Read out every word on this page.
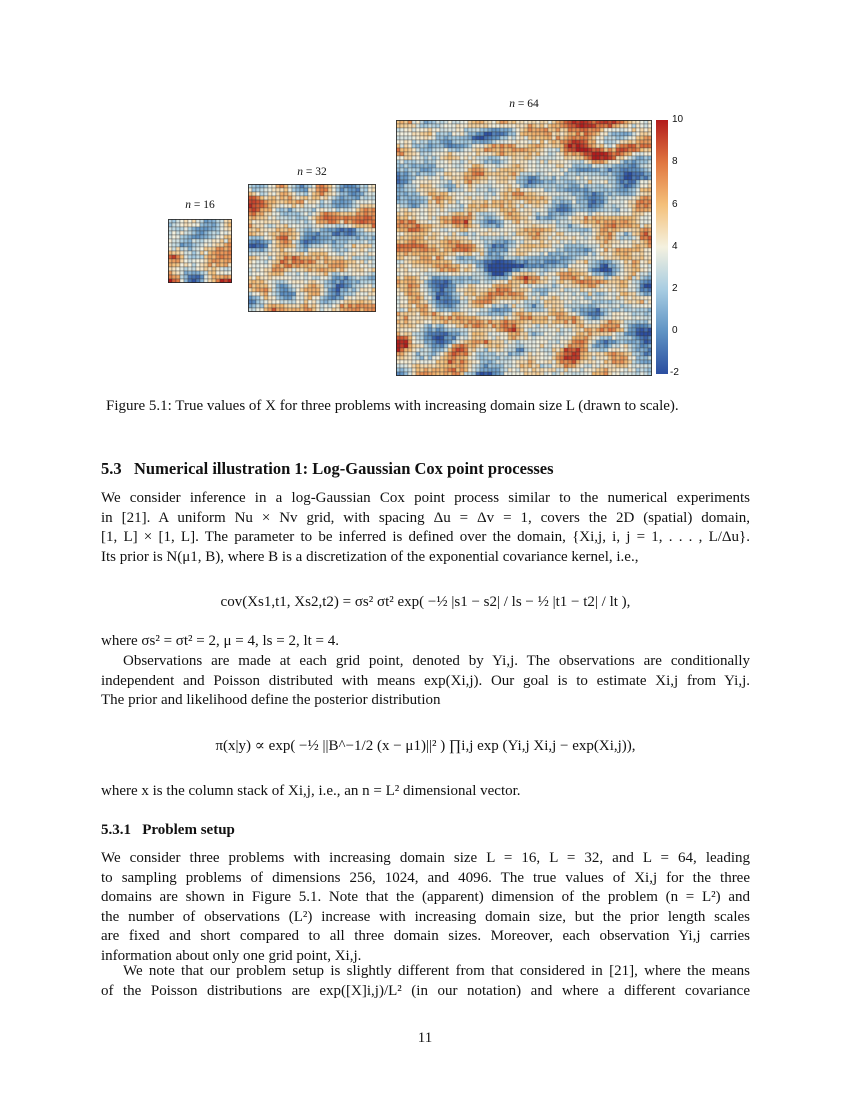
n = 16
n = 32
n = 64
10
8
6
4
2
0
-2
Figure 5.1: True values of X for three problems with increasing domain size L (drawn to scale).
5.3 Numerical illustration 1: Log-Gaussian Cox point processes
We consider inference in a log-Gaussian Cox point process similar to the numerical experiments
in [21]. A uniform Nu × Nv grid, with spacing Δu = Δv = 1, covers the 2D (spatial) domain,
[1, L] × [1, L]. The parameter to be inferred is defined over the domain, {Xi,j, i, j = 1, . . . , L/Δu}.
Its prior is N(μ1, B), where B is a discretization of the exponential covariance kernel, i.e.,
cov(Xs1,t1, Xs2,t2) = σs² σt² exp( −½ |s1 − s2| / ls − ½ |t1 − t2| / lt ),
where σs² = σt² = 2, μ = 4, ls = 2, lt = 4.
Observations are made at each grid point, denoted by Yi,j. The observations are conditionally
independent and Poisson distributed with means exp(Xi,j). Our goal is to estimate Xi,j from Yi,j.
The prior and likelihood define the posterior distribution
π(x|y) ∝ exp( −½ ||B^−1/2 (x − μ1)||² ) ∏i,j exp (Yi,j Xi,j − exp(Xi,j)),
where x is the column stack of Xi,j, i.e., an n = L² dimensional vector.
5.3.1 Problem setup
We consider three problems with increasing domain size L = 16, L = 32, and L = 64, leading
to sampling problems of dimensions 256, 1024, and 4096. The true values of Xi,j for the three
domains are shown in Figure 5.1. Note that the (apparent) dimension of the problem (n = L²) and
the number of observations (L²) increase with increasing domain size, but the prior length scales
are fixed and short compared to all three domain sizes. Moreover, each observation Yi,j carries
information about only one grid point, Xi,j.
We note that our problem setup is slightly different from that considered in [21], where the means
of the Poisson distributions are exp([X]i,j)/L² (in our notation) and where a different covariance
11
